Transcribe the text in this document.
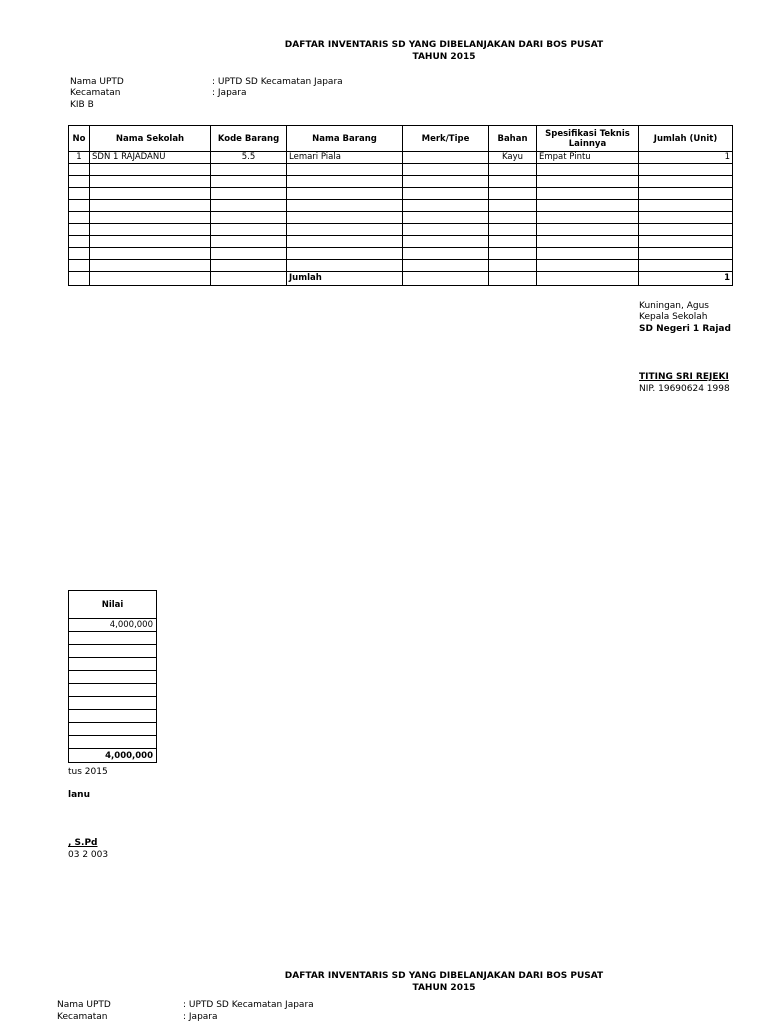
DAFTAR INVENTARIS SD YANG DIBELANJAKAN DARI BOS PUSAT
TAHUN 2015
Nama UPTD	: UPTD SD Kecamatan Japara
Kecamatan	: Japara
KIB B
No	Nama Sekolah	Kode Barang	Nama Barang	Merk/Tipe	Bahan	Spesifikasi Teknis Lainnya	Jumlah (Unit)
1	SDN 1 RAJADANU	5.5	Lemari Piala		Kayu	Empat Pintu	1

			Jumlah				1
Kuningan, Agus
Kepala Sekolah
SD Negeri 1 Rajad
TITING SRI REJEKI
NIP. 19690624 1998
Nilai
4,000,000

4,000,000
tus 2015
lanu
, S.Pd
03 2 003
DAFTAR INVENTARIS SD YANG DIBELANJAKAN DARI BOS PUSAT
TAHUN 2015
Nama UPTD	: UPTD SD Kecamatan Japara
Kecamatan	: Japara
